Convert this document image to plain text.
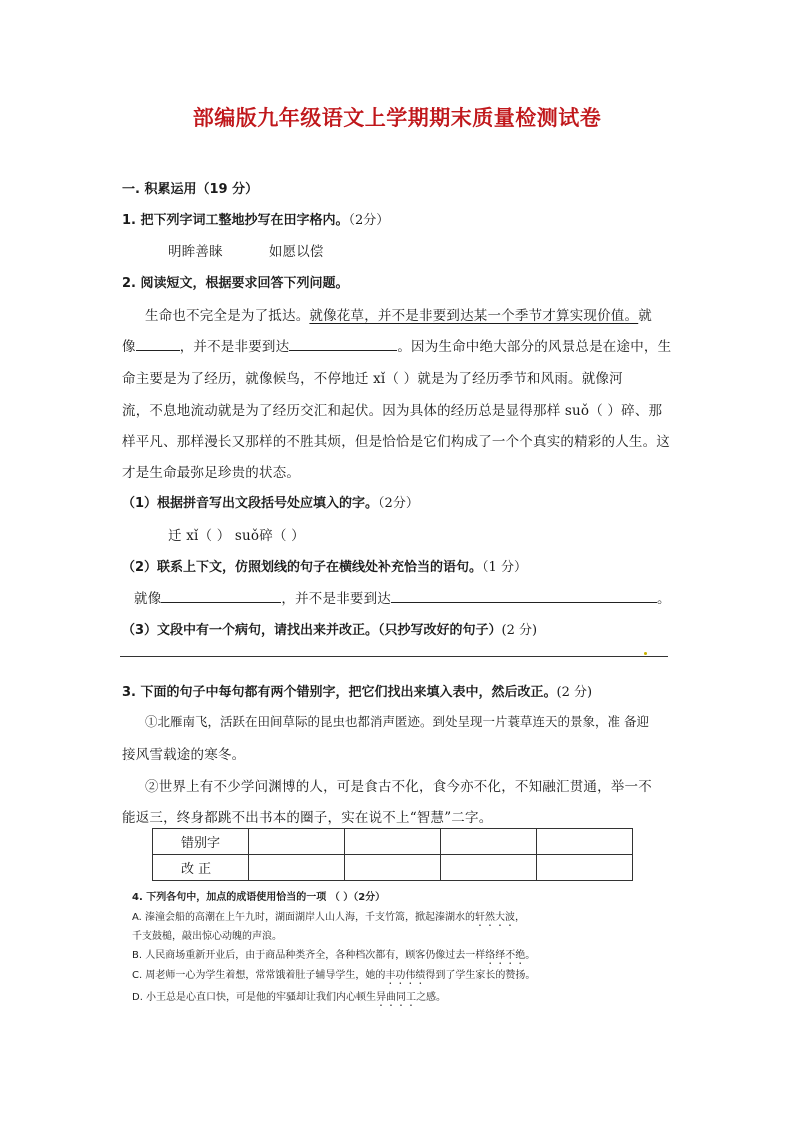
部编版九年级语文上学期期末质量检测试卷
一. 积累运用（19 分）
1. 把下列字词工整地抄写在田字格内。（2分）
明眸善睐	如愿以偿
2. 阅读短文，根据要求回答下列问题。
生命也不完全是为了抵达。就像花草，并不是非要到达某一个季节才算实现价值。就
像	，并不是非要到达	。因为生命中绝大部分的风景总是在途中，生
命主要是为了经历，就像候鸟，不停地迁 xǐ（ ）就是为了经历季节和风雨。就像河
流，不息地流动就是为了经历交汇和起伏。因为具体的经历总是显得那样 suǒ（ ）碎、那
样平凡、那样漫长又那样的不胜其烦，但是恰恰是它们构成了一个个真实的精彩的人生。这
才是生命最弥足珍贵的状态。
（1）根据拼音写出文段括号处应填入的字。（2分）
迁 xǐ（ ） suǒ碎（ ）
（2）联系上下文，仿照划线的句子在横线处补充恰当的语句。（1 分）
就像	，并不是非要到达	。
（3）文段中有一个病句，请找出来并改正。（只抄写改好的句子）(2 分)
3. 下面的句子中每句都有两个错别字，把它们找出来填入表中，然后改正。(2 分)
①北雁南飞，活跃在田间草际的昆虫也都消声匿迹。到处呈现一片蓑草连天的景象，准 备迎
接风雪载途的寒冬。
②世界上有不少学问渊博的人，可是食古不化，食今亦不化，不知融汇贯通，举一不
能返三，终身都跳不出书本的圈子，实在说不上“智慧”二字。
错别字				
改 正				
4. 下列各句中，加点的成语使用恰当的一项 （ ）（2分）
A. 溱潼会船的高潮在上午九时，湖面湖岸人山人海，千支竹篙，掀起溱湖水的轩然大波，
千支鼓槌，敲出惊心动魄的声浪。
B. 人民商场重新开业后，由于商品种类齐全，各种档次都有，顾客仍像过去一样络绎不绝。
C. 周老师一心为学生着想，常常饿着肚子辅导学生，她的丰功伟绩得到了学生家长的赞扬。
D. 小王总是心直口快，可是他的牢骚却让我们内心顿生异曲同工之感。
